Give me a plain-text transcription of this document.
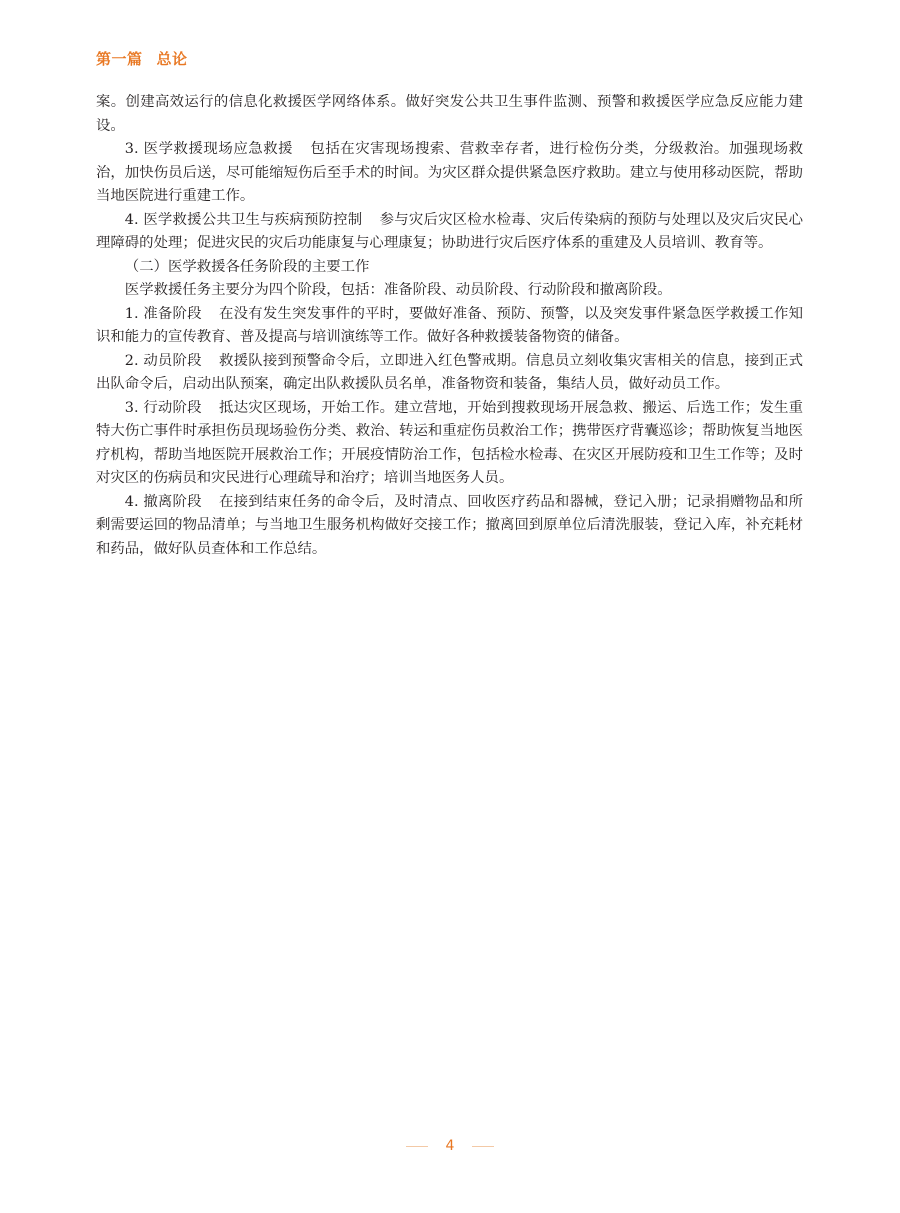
第一篇 总论

案。创建高效运行的信息化救援医学网络体系。做好突发公共卫生事件监测、预警和救援医学应急反应能力建设。

3. 医学救援现场应急救援 包括在灾害现场搜索、营救幸存者，进行检伤分类，分级救治。加强现场救治，加快伤员后送，尽可能缩短伤后至手术的时间。为灾区群众提供紧急医疗救助。建立与使用移动医院，帮助当地医院进行重建工作。

4. 医学救援公共卫生与疾病预防控制 参与灾后灾区检水检毒、灾后传染病的预防与处理以及灾后灾民心理障碍的处理；促进灾民的灾后功能康复与心理康复；协助进行灾后医疗体系的重建及人员培训、教育等。

（二）医学救援各任务阶段的主要工作

医学救援任务主要分为四个阶段，包括：准备阶段、动员阶段、行动阶段和撤离阶段。

1. 准备阶段 在没有发生突发事件的平时，要做好准备、预防、预警，以及突发事件紧急医学救援工作知识和能力的宣传教育、普及提高与培训演练等工作。做好各种救援装备物资的储备。

2. 动员阶段 救援队接到预警命令后，立即进入红色警戒期。信息员立刻收集灾害相关的信息，接到正式出队命令后，启动出队预案，确定出队救援队员名单，准备物资和装备，集结人员，做好动员工作。

3. 行动阶段 抵达灾区现场，开始工作。建立营地，开始到搜救现场开展急救、搬运、后选工作；发生重特大伤亡事件时承担伤员现场验伤分类、救治、转运和重症伤员救治工作；携带医疗背囊巡诊；帮助恢复当地医疗机构，帮助当地医院开展救治工作；开展疫情防治工作，包括检水检毒、在灾区开展防疫和卫生工作等；及时对灾区的伤病员和灾民进行心理疏导和治疗；培训当地医务人员。

4. 撤离阶段 在接到结束任务的命令后，及时清点、回收医疗药品和器械，登记入册；记录捐赠物品和所剩需要运回的物品清单；与当地卫生服务机构做好交接工作；撤离回到原单位后清洗服装，登记入库，补充耗材和药品，做好队员查体和工作总结。

4
